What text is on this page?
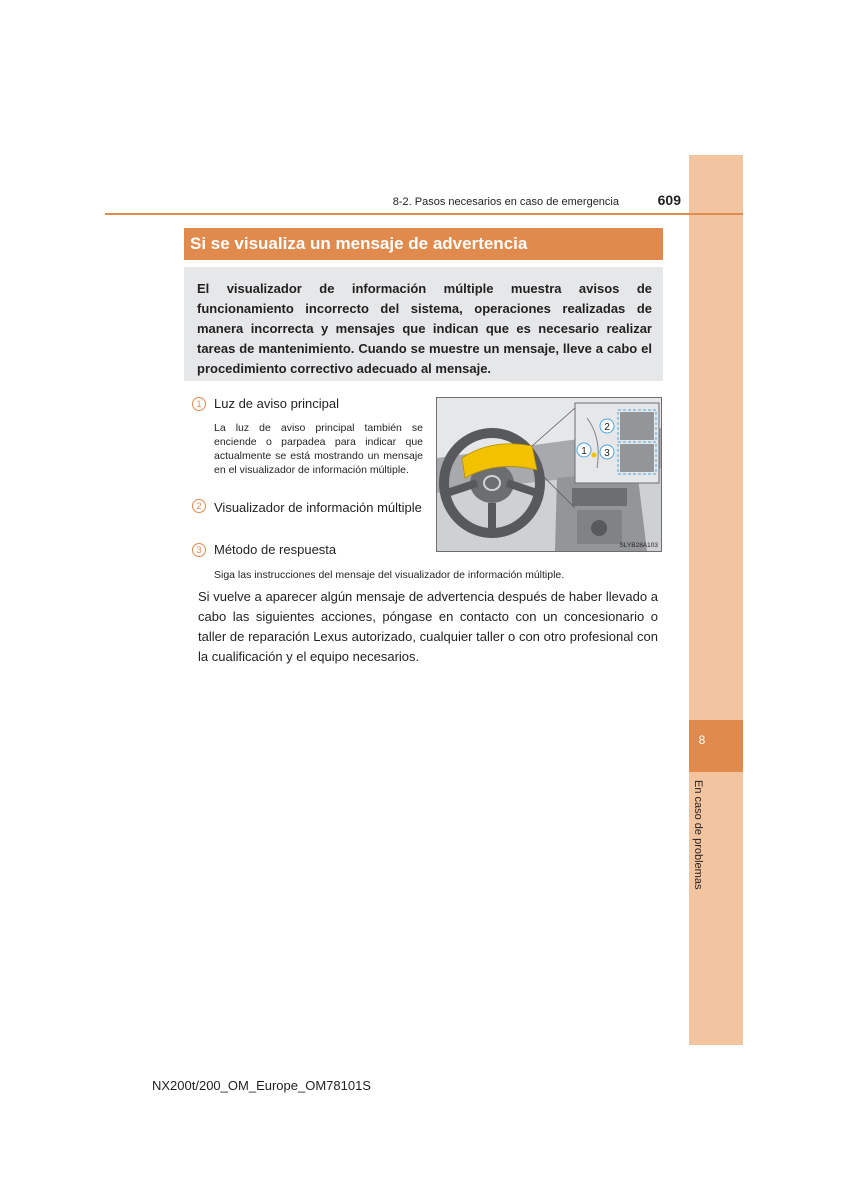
8
En caso de problemas
8-2. Pasos necesarios en caso de emergencia	609
Si se visualiza un mensaje de advertencia
El visualizador de información múltiple muestra avisos de funcionamiento incorrecto del sistema, operaciones realizadas de manera incorrecta y mensajes que indican que es necesario realizar tareas de mantenimiento. Cuando se muestre un mensaje, lleve a cabo el procedimiento correctivo adecuado al mensaje.
1 Luz de aviso principal
La luz de aviso principal también se enciende o parpadea para indicar que actualmente se está mostrando un mensaje en el visualizador de información múltiple.
2 Visualizador de información múltiple
3 Método de respuesta
Siga las instrucciones del mensaje del visualizador de información múltiple.
Si vuelve a aparecer algún mensaje de advertencia después de haber llevado a cabo las siguientes acciones, póngase en contacto con un concesionario o taller de reparación Lexus autorizado, cualquier taller o con otro profesional con la cualificación y el equipo necesarios.
1
2
3
SLYB28A103
NX200t/200_OM_Europe_OM78101S
